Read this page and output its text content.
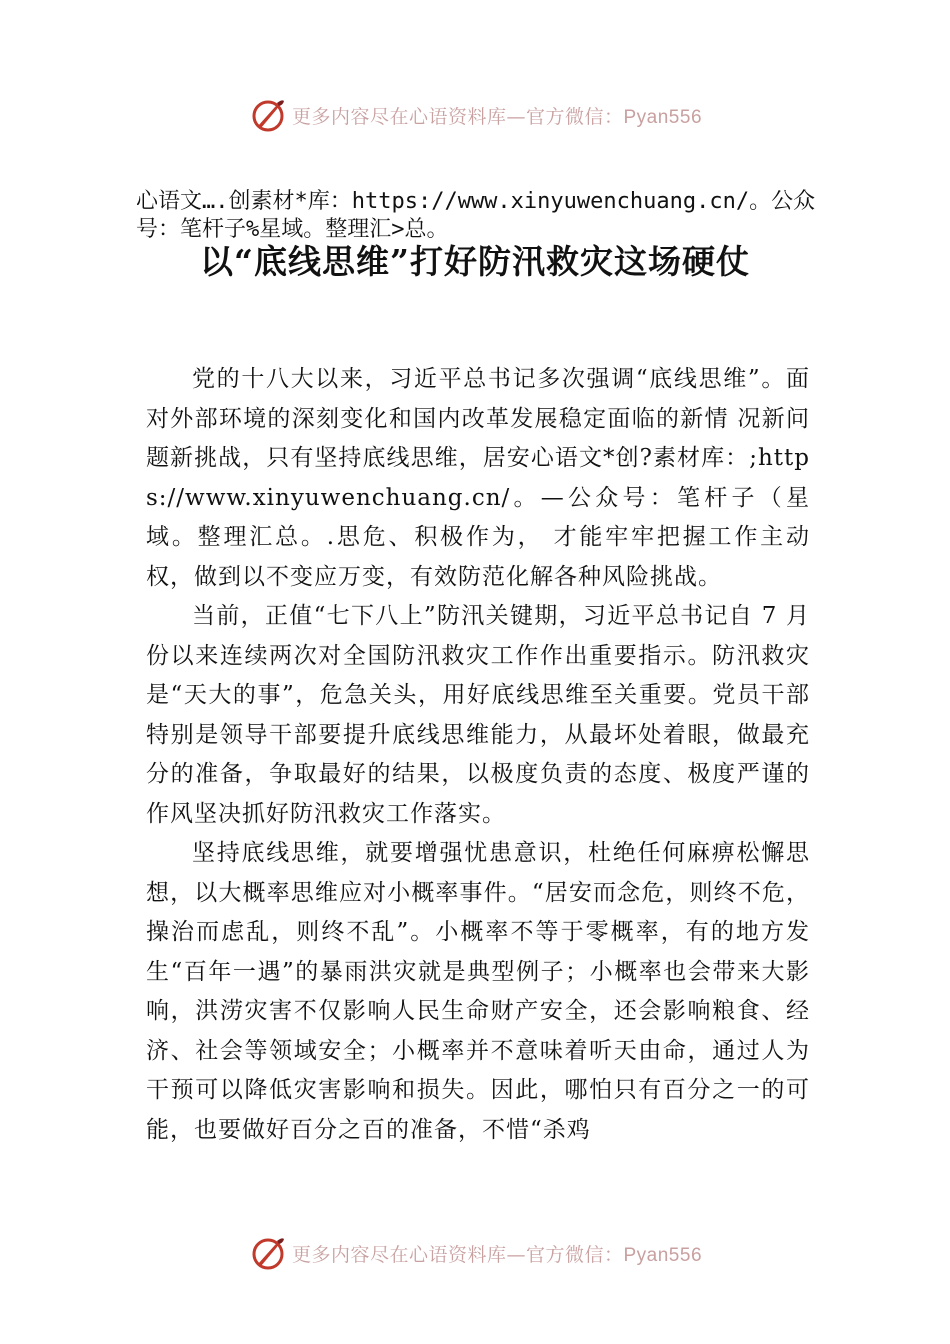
更多内容尽在心语资料库—官方微信：Pyan556

心语文….创素材*库：https://www.xinyuwenchuang.cn/。公众号：笔杆子%星域。整理汇>总。

以“底线思维”打好防汛救灾这场硬仗

党的十八大以来，习近平总书记多次强调“底线思维”。面对外部环境的深刻变化和国内改革发展稳定面临的新情 况新问题新挑战，只有坚持底线思维，居安心语文*创?素材库：;https://www.xinyuwenchuang.cn/。—公众号：笔杆子（星域。整理汇总。.思危、积极作为， 才能牢牢把握工作主动权，做到以不变应万变，有效防范化解各种风险挑战。

当前，正值“七下八上”防汛关键期，习近平总书记自 7 月份以来连续两次对全国防汛救灾工作作出重要指示。防汛救灾是“天大的事”，危急关头，用好底线思维至关重要。党员干部特别是领导干部要提升底线思维能力，从最坏处着眼，做最充分的准备，争取最好的结果，以极度负责的态度、极度严谨的作风坚决抓好防汛救灾工作落实。

坚持底线思维，就要增强忧患意识，杜绝任何麻痹松懈思想，以大概率思维应对小概率事件。“居安而念危，则终不危，操治而虑乱，则终不乱”。小概率不等于零概率，有的地方发生“百年一遇”的暴雨洪灾就是典型例子；小概率也会带来大影响，洪涝灾害不仅影响人民生命财产安全，还会影响粮食、经济、社会等领域安全；小概率并不意味着听天由命，通过人为干预可以降低灾害影响和损失。因此，哪怕只有百分之一的可能，也要做好百分之百的准备，不惜“杀鸡

更多内容尽在心语资料库—官方微信：Pyan556
